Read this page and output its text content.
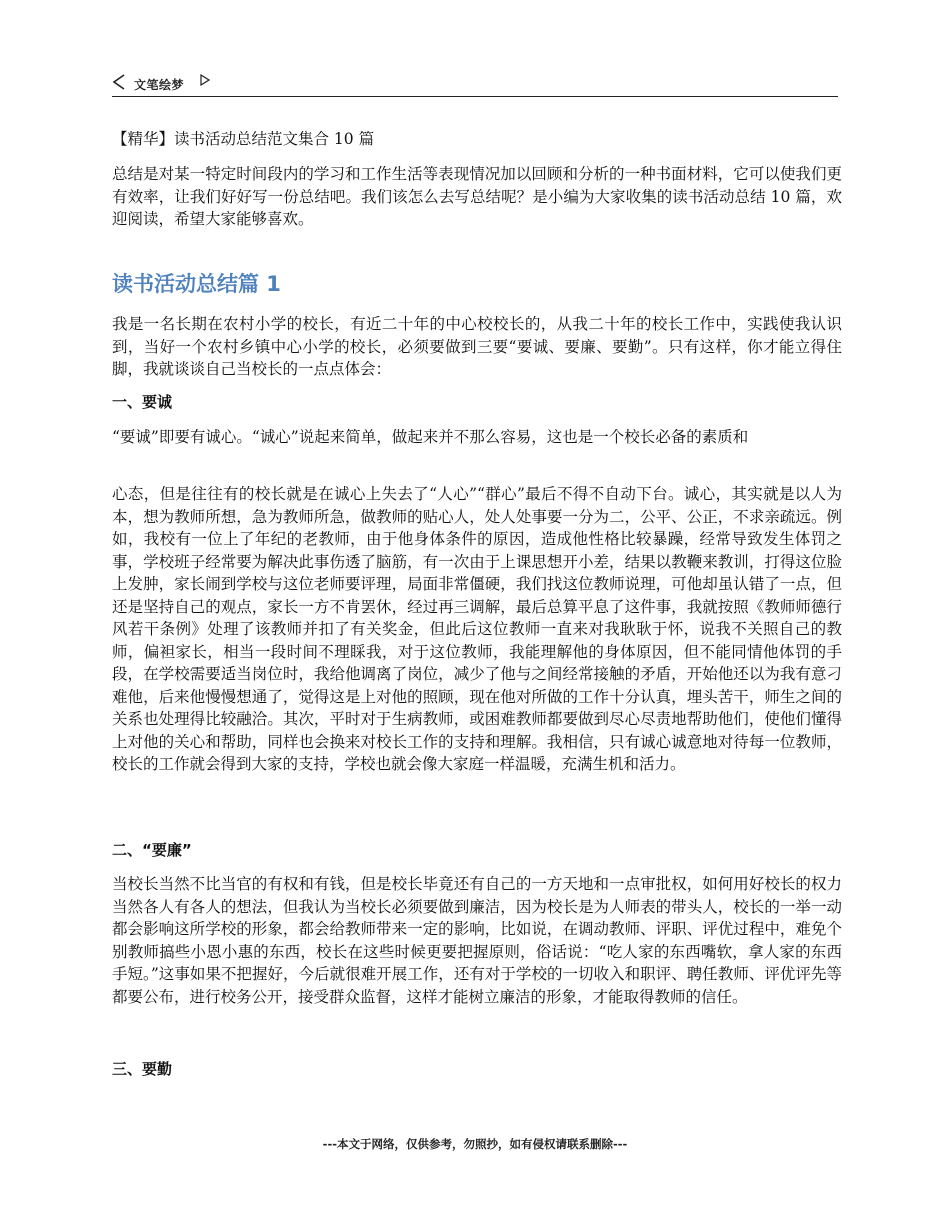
文笔绘梦
【精华】读书活动总结范文集合 10 篇

总结是对某一特定时间段内的学习和工作生活等表现情况加以回顾和分析的一种书面材料，它可以使我们更有效率，让我们好好写一份总结吧。我们该怎么去写总结呢？是小编为大家收集的读书活动总结 10 篇，欢迎阅读，希望大家能够喜欢。

读书活动总结篇 1

我是一名长期在农村小学的校长，有近二十年的中心校校长的，从我二十年的校长工作中，实践使我认识到，当好一个农村乡镇中心小学的校长，必须要做到三要“要诚、要廉、要勤”。只有这样，你才能立得住脚，我就谈谈自己当校长的一点点体会：

一、要诚

“要诚”即要有诚心。“诚心”说起来简单，做起来并不那么容易，这也是一个校长必备的素质和

心态，但是往往有的校长就是在诚心上失去了“人心”“群心”最后不得不自动下台。诚心，其实就是以人为本，想为教师所想，急为教师所急，做教师的贴心人，处人处事要一分为二，公平、公正，不求亲疏远。例如，我校有一位上了年纪的老教师，由于他身体条件的原因，造成他性格比较暴躁，经常导致发生体罚之事，学校班子经常要为解决此事伤透了脑筋，有一次由于上课思想开小差，结果以教鞭来教训，打得这位脸上发肿，家长闹到学校与这位老师要评理，局面非常僵硬，我们找这位教师说理，可他却虽认错了一点，但还是坚持自己的观点，家长一方不肯罢休，经过再三调解，最后总算平息了这件事，我就按照《教师师德行风若干条例》处理了该教师并扣了有关奖金，但此后这位教师一直来对我耿耿于怀，说我不关照自己的教师，偏袒家长，相当一段时间不理睬我，对于这位教师，我能理解他的身体原因，但不能同情他体罚的手段，在学校需要适当岗位时，我给他调离了岗位，减少了他与之间经常接触的矛盾，开始他还以为我有意刁难他，后来他慢慢想通了，觉得这是上对他的照顾，现在他对所做的工作十分认真，埋头苦干，师生之间的关系也处理得比较融洽。其次，平时对于生病教师，或困难教师都要做到尽心尽责地帮助他们，使他们懂得上对他的关心和帮助，同样也会换来对校长工作的支持和理解。我相信，只有诚心诚意地对待每一位教师，校长的工作就会得到大家的支持，学校也就会像大家庭一样温暖，充满生机和活力。

二、“要廉”

当校长当然不比当官的有权和有钱，但是校长毕竟还有自己的一方天地和一点审批权，如何用好校长的权力当然各人有各人的想法，但我认为当校长必须要做到廉洁，因为校长是为人师表的带头人，校长的一举一动都会影响这所学校的形象，都会给教师带来一定的影响，比如说，在调动教师、评职、评优过程中，难免个别教师搞些小恩小惠的东西，校长在这些时候更要把握原则，俗话说：“吃人家的东西嘴软，拿人家的东西手短。”这事如果不把握好，今后就很难开展工作，还有对于学校的一切收入和职评、聘任教师、评优评先等都要公布，进行校务公开，接受群众监督，这样才能树立廉洁的形象，才能取得教师的信任。

三、要勤
---本文于网络，仅供参考，勿照抄，如有侵权请联系删除---
